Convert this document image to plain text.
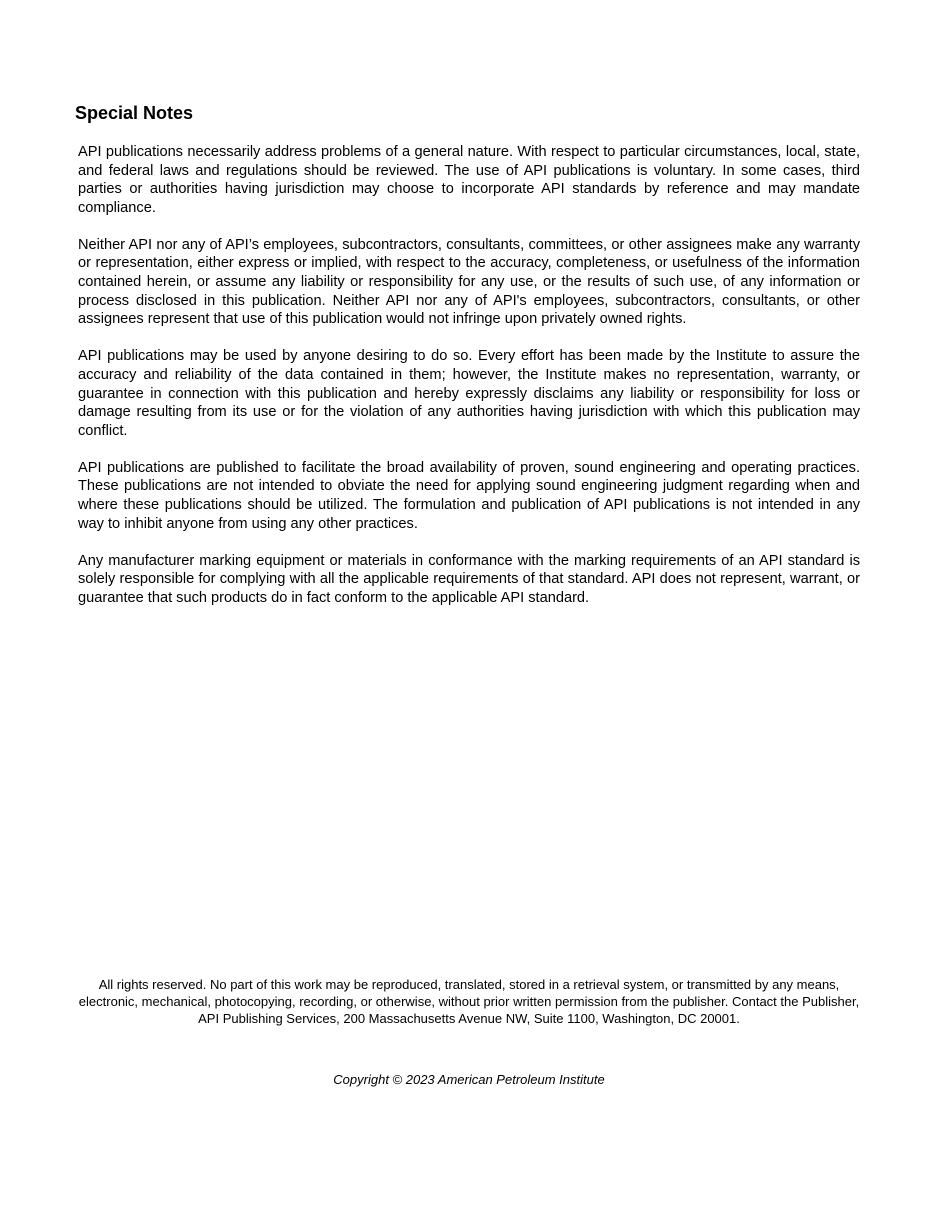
Special Notes

API publications necessarily address problems of a general nature. With respect to particular circumstances, local, state, and federal laws and regulations should be reviewed. The use of API publications is voluntary. In some cases, third parties or authorities having jurisdiction may choose to incorporate API standards by reference and may mandate compliance.

Neither API nor any of API’s employees, subcontractors, consultants, committees, or other assignees make any warranty or representation, either express or implied, with respect to the accuracy, completeness, or usefulness of the information contained herein, or assume any liability or responsibility for any use, or the results of such use, of any information or process disclosed in this publication. Neither API nor any of API's employees, subcontractors, consultants, or other assignees represent that use of this publication would not infringe upon privately owned rights.

API publications may be used by anyone desiring to do so. Every effort has been made by the Institute to assure the accuracy and reliability of the data contained in them; however, the Institute makes no representation, warranty, or guarantee in connection with this publication and hereby expressly disclaims any liability or responsibility for loss or damage resulting from its use or for the violation of any authorities having jurisdiction with which this publication may conflict.

API publications are published to facilitate the broad availability of proven, sound engineering and operating practices. These publications are not intended to obviate the need for applying sound engineering judgment regarding when and where these publications should be utilized. The formulation and publication of API publications is not intended in any way to inhibit anyone from using any other practices.

Any manufacturer marking equipment or materials in conformance with the marking requirements of an API standard is solely responsible for complying with all the applicable requirements of that standard. API does not represent, warrant, or guarantee that such products do in fact conform to the applicable API standard.

All rights reserved. No part of this work may be reproduced, translated, stored in a retrieval system, or transmitted by any means, electronic, mechanical, photocopying, recording, or otherwise, without prior written permission from the publisher. Contact the Publisher, API Publishing Services, 200 Massachusetts Avenue NW, Suite 1100, Washington, DC 20001.

Copyright © 2023 American Petroleum Institute
